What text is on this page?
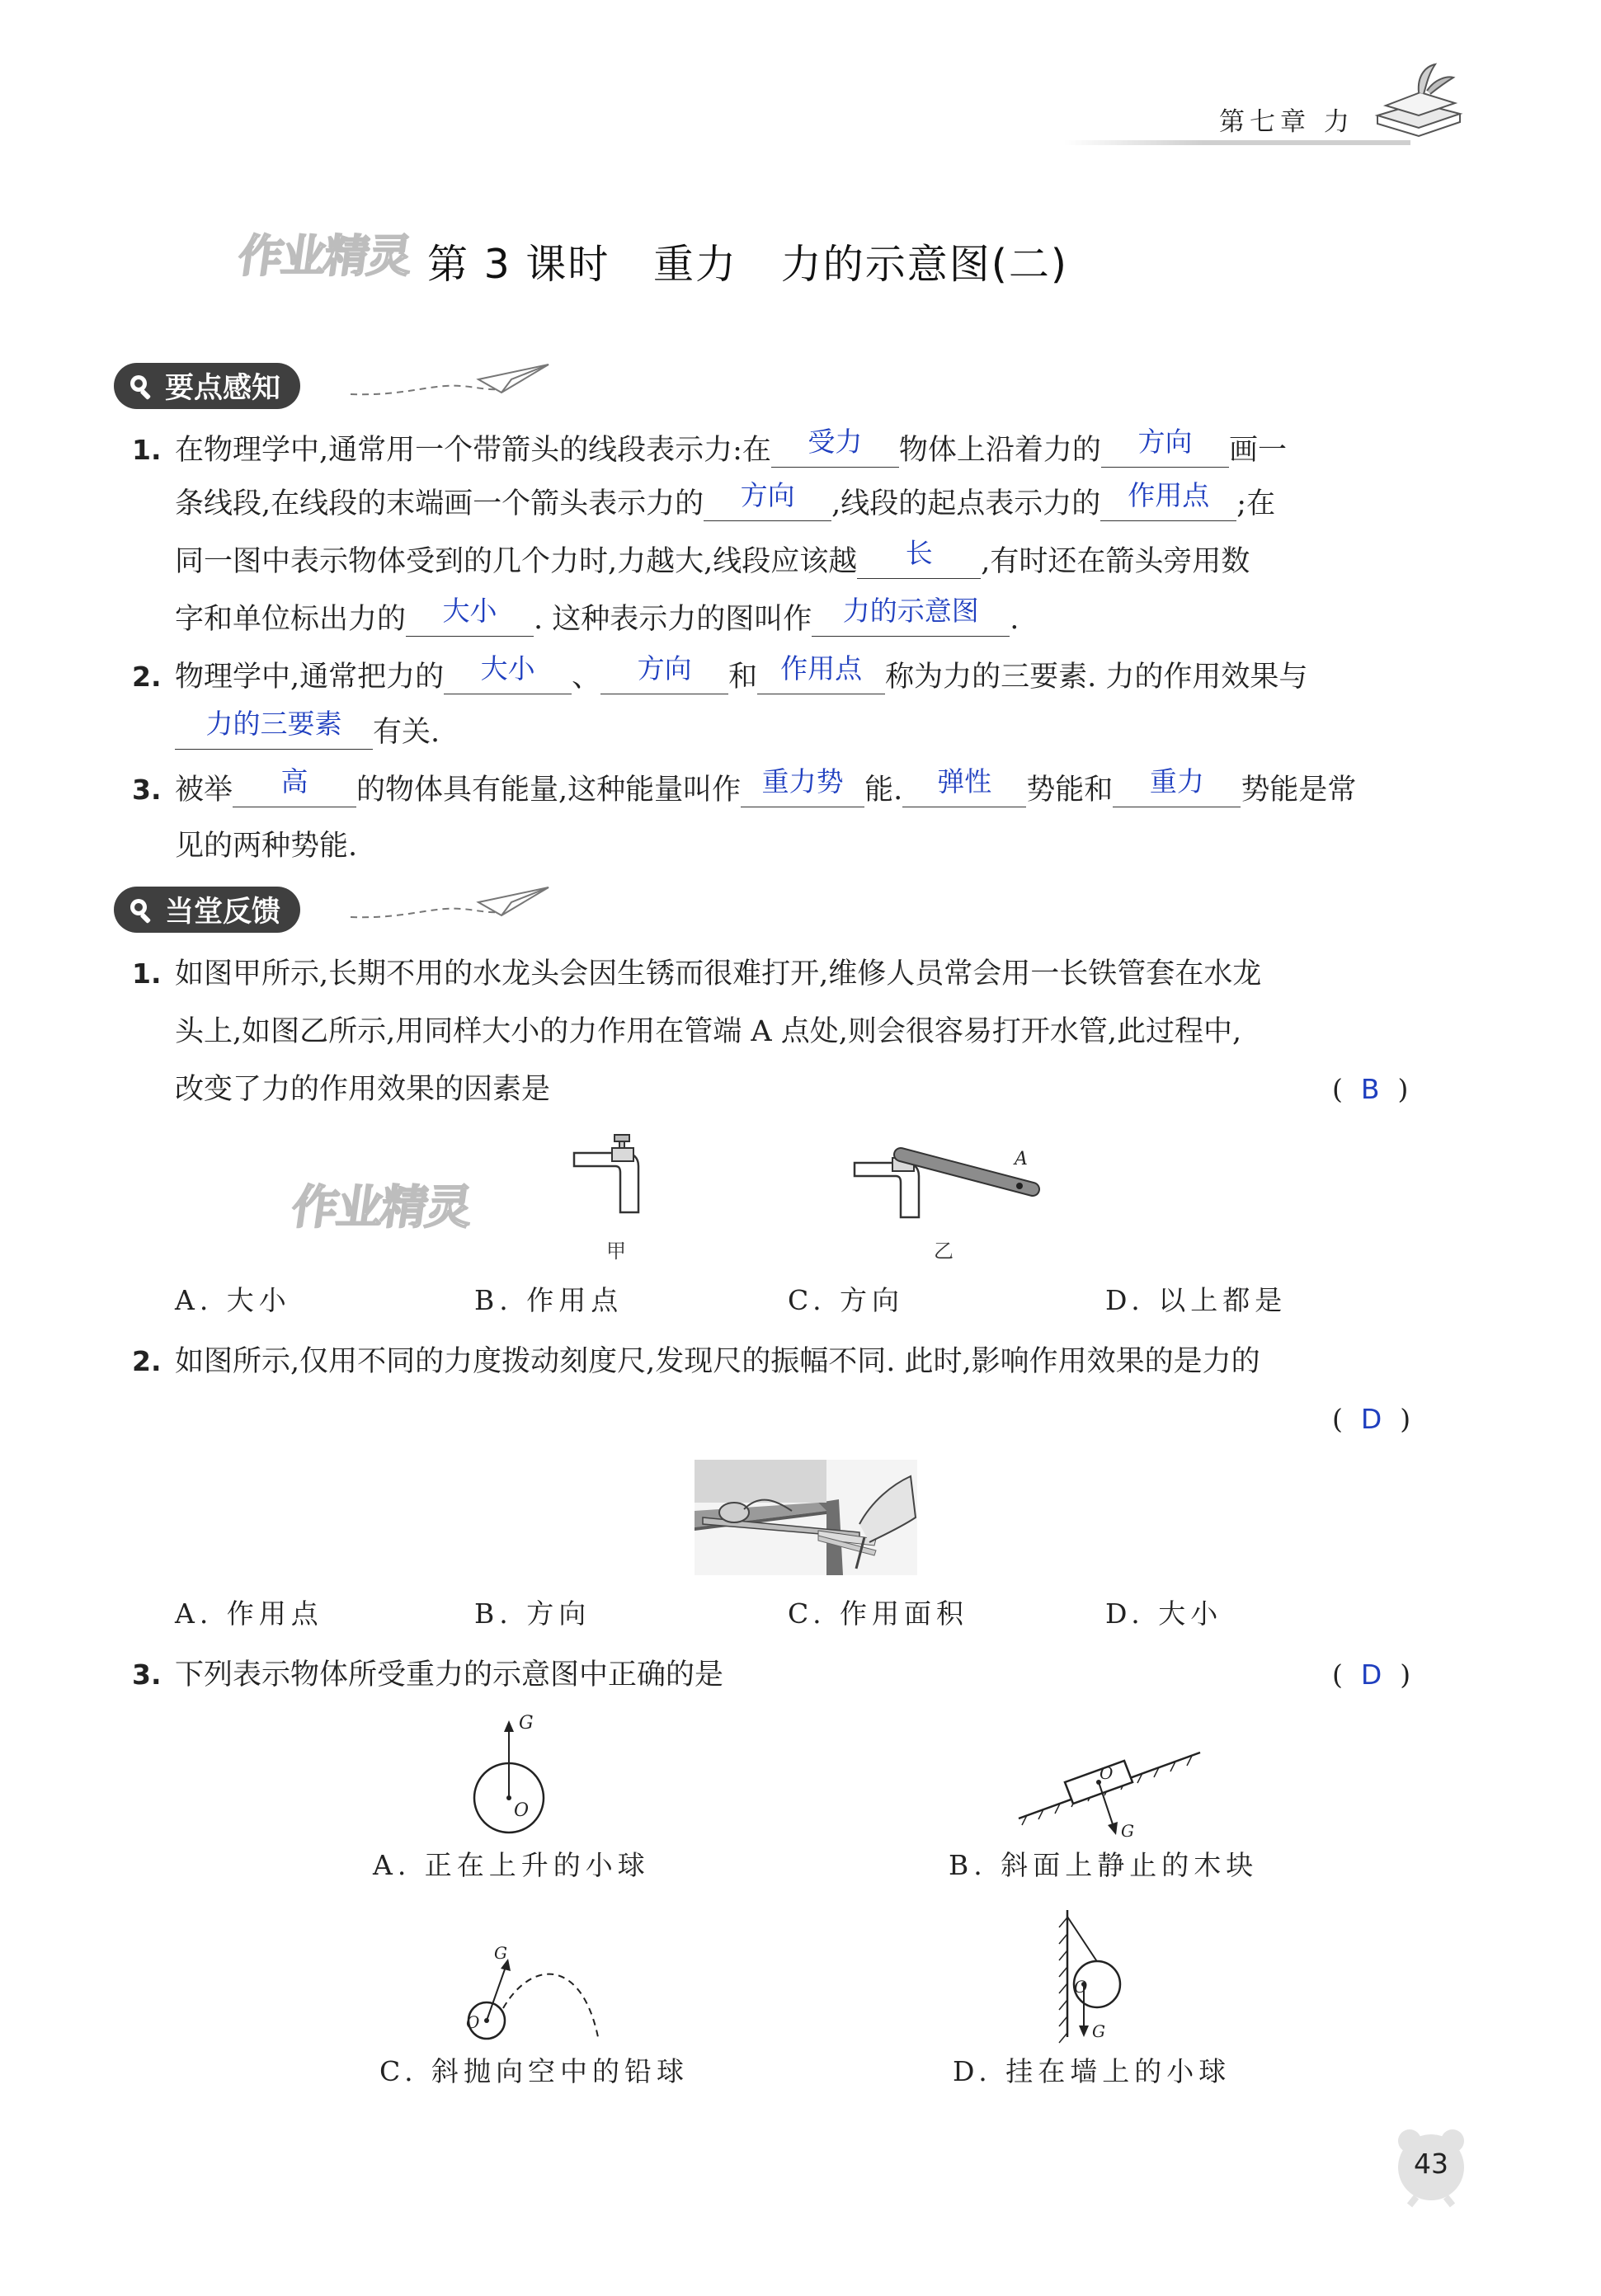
第七章 力
作业精灵 第 3 课时   重力   力的示意图(二)
要点感知
1. 在物理学中,通常用一个带箭头的线段表示力:在 受力 物体上沿着力的 方向 画一
条线段,在线段的末端画一个箭头表示力的 方向 ,线段的起点表示力的 作用点 ;在
同一图中表示物体受到的几个力时,力越大,线段应该越 长 ,有时还在箭头旁用数
字和单位标出力的 大小 . 这种表示力的图叫作 力的示意图 .
2. 物理学中,通常把力的 大小 、 方向 和 作用点 称为力的三要素. 力的作用效果与
力的三要素 有关.
3. 被举 高 的物体具有能量,这种能量叫作 重力势 能. 弹性 势能和 重力 势能是常
见的两种势能.
当堂反馈
1. 如图甲所示,长期不用的水龙头会因生锈而很难打开,维修人员常会用一长铁管套在水龙
头上,如图乙所示,用同样大小的力作用在管端 A 点处,则会很容易打开水管,此过程中,
改变了力的作用效果的因素是	( B )
甲
A
乙
作业精灵
A. 大小	B. 作用点	C. 方向	D. 以上都是
2. 如图所示,仅用不同的力度拨动刻度尺,发现尺的振幅不同. 此时,影响作用效果的是力的
( D )
A. 作用点	B. 方向	C. 作用面积	D. 大小
3. 下列表示物体所受重力的示意图中正确的是	( D )
G
O
A. 正在上升的小球
O
G
B. 斜面上静止的木块
O
G
C. 斜抛向空中的铅球
O
G
D. 挂在墙上的小球
43
